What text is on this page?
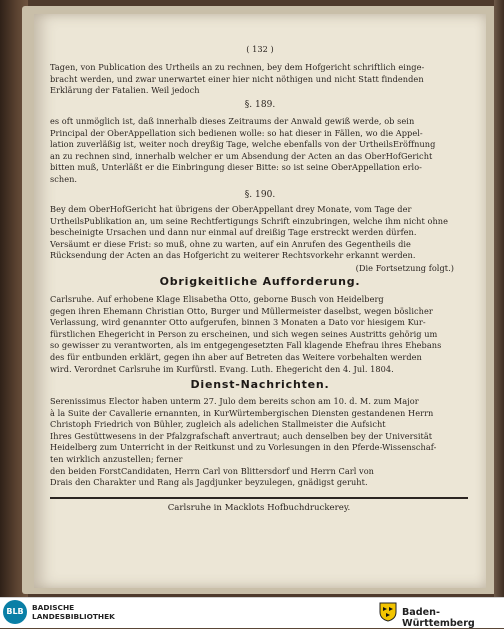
( 132 )
Tagen, von Publication des Urtheils an zu rechnen, bey dem Hofgericht schriftlich einge-
bracht werden, und zwar unerwartet einer hier nicht nöthigen und nicht Statt findenden
Erklärung der Fatalien. Weil jedoch
§. 189.
es oft unmöglich ist, daß innerhalb dieses Zeitraums der Anwald gewiß werde, ob sein
Principal der OberAppellation sich bedienen wolle: so hat dieser in Fällen, wo die Appel-
lation zuverläßig ist, weiter noch dreyßig Tage, welche ebenfalls von der UrtheilsEröffnung
an zu rechnen sind, innerhalb welcher er um Absendung der Acten an das OberHofGericht
bitten muß, Unterläßt er die Einbringung dieser Bitte: so ist seine OberAppellation erlo-
schen.
§. 190.
Bey dem OberHofGericht hat übrigens der OberAppellant drey Monate, vom Tage der
UrtheilsPublikation an, um seine Rechtfertigungs Schrift einzubringen, welche ihm nicht ohne
bescheinigte Ursachen und dann nur einmal auf dreißig Tage erstreckt werden dürfen.
Versäumt er diese Frist: so muß, ohne zu warten, auf ein Anrufen des Gegentheils die
Rücksendung der Acten an das Hofgericht zu weiterer Rechtsvorkehr erkannt werden.
(Die Fortsetzung folgt.)
Obrigkeitliche Aufforderung.
Carlsruhe. Auf erhobene Klage Elisabetha Otto, geborne Busch von Heidelberg
gegen ihren Ehemann Christian Otto, Burger und Müllermeister daselbst, wegen böslicher
Verlassung, wird genannter Otto aufgerufen, binnen 3 Monaten a Dato vor hiesigem Kur-
fürstlichen Ehegericht in Person zu erscheinen, und sich wegen seines Austritts gehörig um
so gewisser zu verantworten, als im entgegengesetzten Fall klagende Ehefrau ihres Ehebans
des für entbunden erklärt, gegen ihn aber auf Betreten das Weitere vorbehalten werden
wird. Verordnet Carlsruhe im Kurfürstl. Evang. Luth. Ehegericht den 4. Jul. 1804.
Dienst-Nachrichten.
Serenissimus Elector haben unterm 27. Julo dem bereits schon am 10. d. M. zum Major
à la Suite der Cavallerie ernannten, in KurWürtembergischen Diensten gestandenen Herrn
Christoph Friedrich von Bühler, zugleich als adelichen Stallmeister die Aufsicht
Ihres Gestüttwesens in der Pfalzgrafschaft anvertraut; auch denselben bey der Universität
Heidelberg zum Unterricht in der Reitkunst und zu Vorlesungen in den Pferde-Wissenschaf-
ten wirklich anzustellen; ferner
den beiden ForstCandidaten, Herrn Carl von Blittersdorf und Herrn Carl von
Drais den Charakter und Rang als Jagdjunker beyzulegen, gnädigst geruht.
Carlsruhe in Macklots Hofbuchdruckerey.
BLB	BADISCHE
LANDESBIBLIOTHEK	Baden-Württemberg
